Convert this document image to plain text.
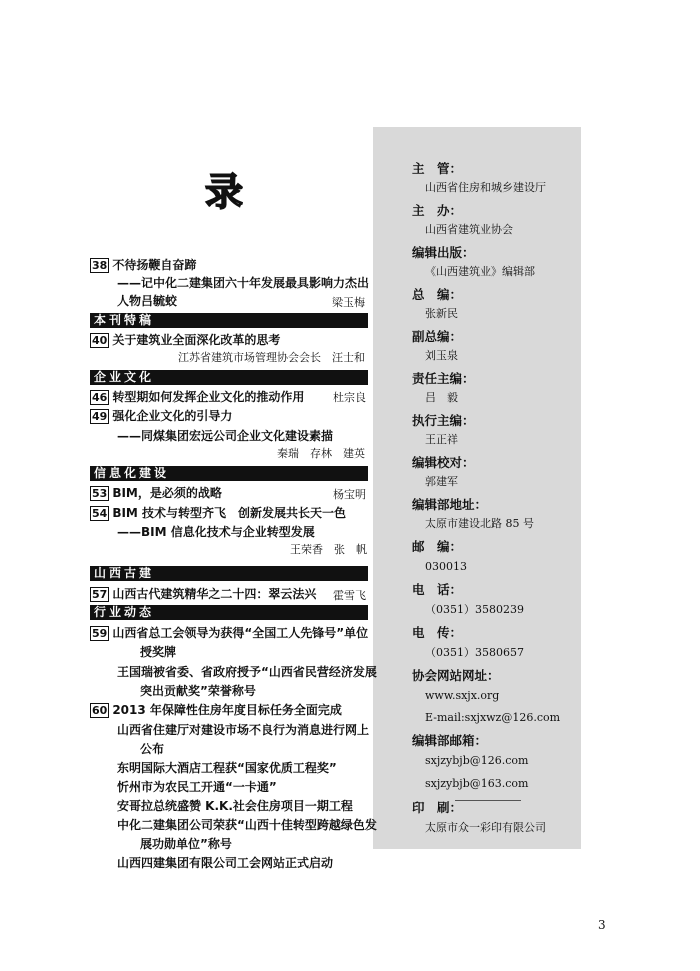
录
38 不待扬鞭自奋蹄
——记中化二建集团六十年发展最具影响力杰出
人物吕毓蛟	梁玉梅
本刊特稿
40 关于建筑业全面深化改革的思考
江苏省建筑市场管理协会会长　汪士和
企业文化
46 转型期如何发挥企业文化的推动作用	杜宗良
49 强化企业文化的引导力
——同煤集团宏远公司企业文化建设素描
秦瑞　存林　建英
信息化建设
53 BIM，是必须的战略	杨宝明
54 BIM 技术与转型齐飞　创新发展共长天一色
——BIM 信息化技术与企业转型发展
王荣香　张　帆
山西古建
57 山西古代建筑精华之二十四：翠云法兴 霍雪飞
行业动态
59 山西省总工会领导为获得“全国工人先锋号”单位
授奖牌
王国瑞被省委、省政府授予“山西省民营经济发展
突出贡献奖”荣誉称号
60 2013 年保障性住房年度目标任务全面完成
山西省住建厅对建设市场不良行为消息进行网上
公布
东明国际大酒店工程获“国家优质工程奖”
忻州市为农民工开通“一卡通”
安哥拉总统盛赞 K.K.社会住房项目一期工程
中化二建集团公司荣获“山西十佳转型跨越绿色发
展功勋单位”称号
山西四建集团有限公司工会网站正式启动
主　管：
山西省住房和城乡建设厅
主　办：
山西省建筑业协会
编辑出版：
《山西建筑业》编辑部
总　编：
张新民
副总编：
刘玉泉
责任主编：
吕　毅
执行主编：
王正祥
编辑校对：
郭建军
编辑部地址：
太原市建设北路 85 号
邮　编：
030013
电　话：
（0351）3580239
电　传：
（0351）3580657
协会网站网址：
www.sxjx.org
E-mail:sxjxwz@126.com
编辑部邮箱：
sxjzybjb@126.com
sxjzybjb@163.com
印　刷：
太原市众一彩印有限公司
3
